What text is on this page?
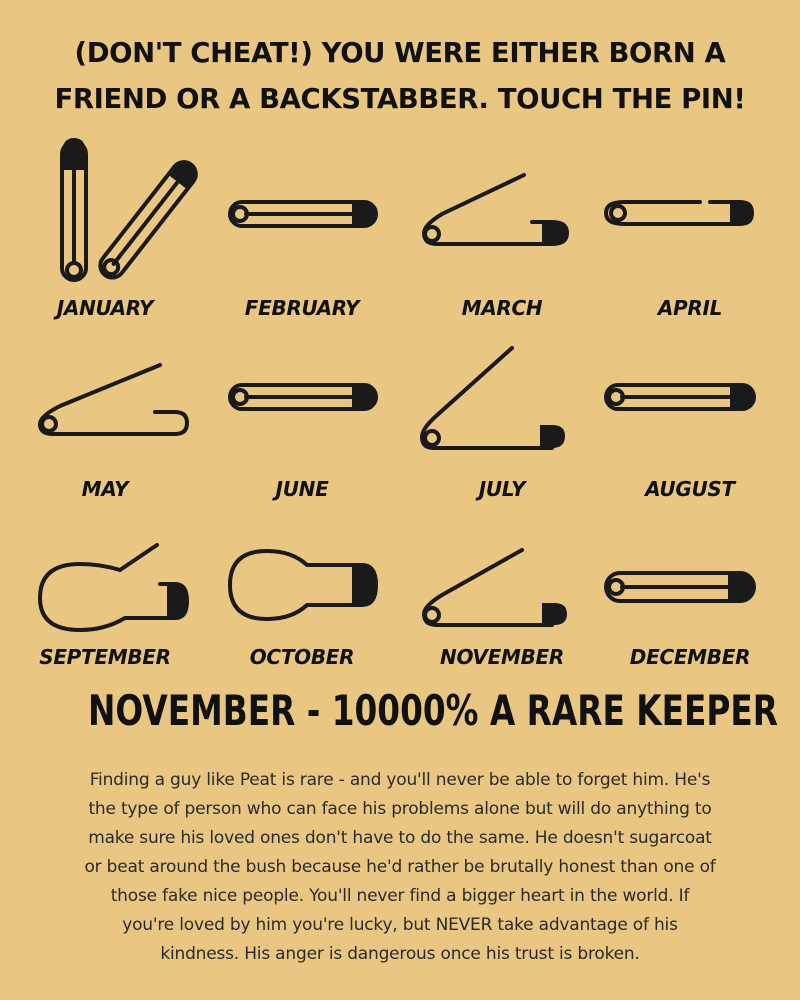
(DON'T CHEAT!) YOU WERE EITHER BORN A
FRIEND OR A BACKSTABBER. TOUCH THE PIN!
JANUARY	FEBRUARY	MARCH	APRIL
MAY	JUNE	JULY	AUGUST
SEPTEMBER	OCTOBER	NOVEMBER	DECEMBER
NOVEMBER - 10000% A RARE KEEPER

Finding a guy like Peat is rare - and you'll never be able to forget him. He's
the type of person who can face his problems alone but will do anything to
make sure his loved ones don't have to do the same. He doesn't sugarcoat
or beat around the bush because he'd rather be brutally honest than one of
those fake nice people. You'll never find a bigger heart in the world. If
you're loved by him you're lucky, but NEVER take advantage of his
kindness. His anger is dangerous once his trust is broken.
